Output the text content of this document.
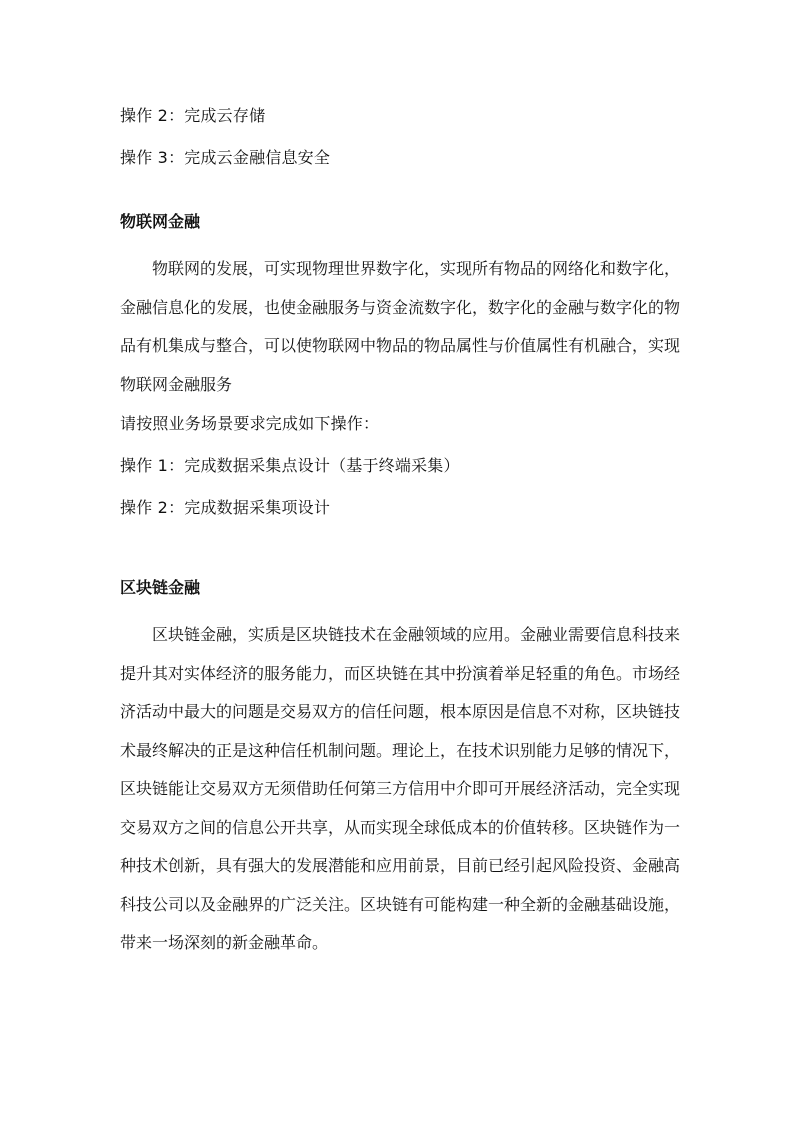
操作 2：完成云存储

操作 3：完成云金融信息安全

物联网金融

物联网的发展，可实现物理世界数字化，实现所有物品的网络化和数字化，金融信息化的发展，也使金融服务与资金流数字化，数字化的金融与数字化的物品有机集成与整合，可以使物联网中物品的物品属性与价值属性有机融合，实现物联网金融服务

请按照业务场景要求完成如下操作：

操作 1：完成数据采集点设计（基于终端采集）

操作 2：完成数据采集项设计

区块链金融

区块链金融，实质是区块链技术在金融领域的应用。金融业需要信息科技来提升其对实体经济的服务能力，而区块链在其中扮演着举足轻重的角色。市场经济活动中最大的问题是交易双方的信任问题，根本原因是信息不对称，区块链技术最终解决的正是这种信任机制问题。理论上，在技术识别能力足够的情况下，区块链能让交易双方无须借助任何第三方信用中介即可开展经济活动，完全实现交易双方之间的信息公开共享，从而实现全球低成本的价值转移。区块链作为一种技术创新，具有强大的发展潜能和应用前景，目前已经引起风险投资、金融高科技公司以及金融界的广泛关注。区块链有可能构建一种全新的金融基础设施，带来一场深刻的新金融革命。
